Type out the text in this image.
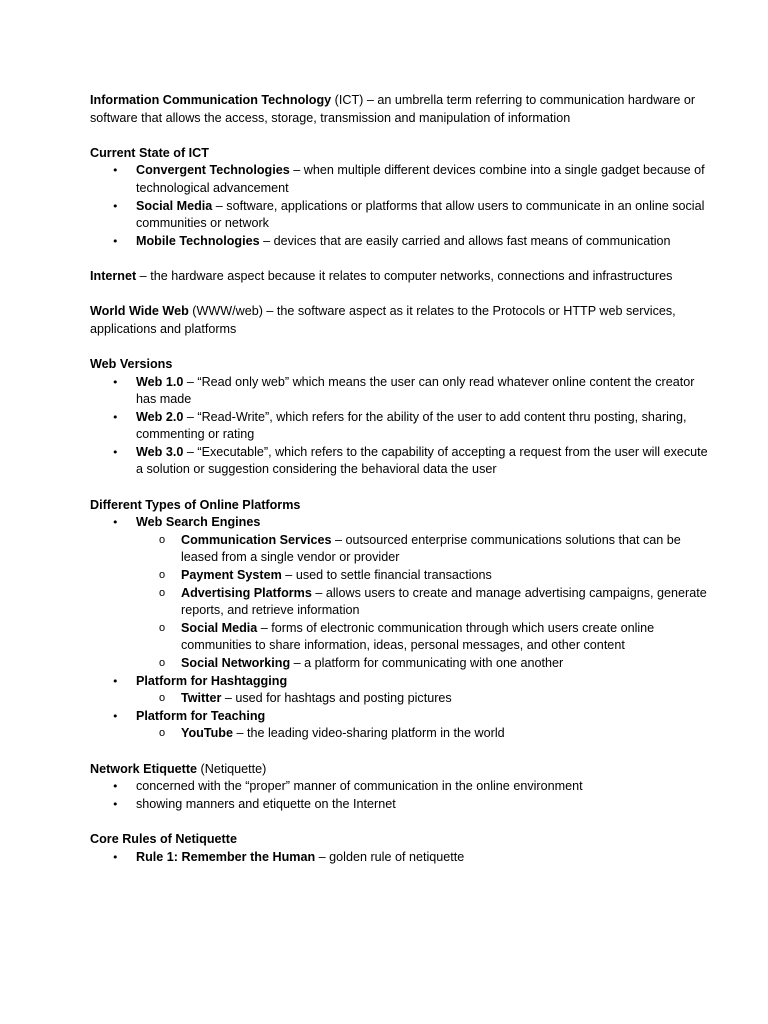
Information Communication Technology (ICT) – an umbrella term referring to communication hardware or software that allows the access, storage, transmission and manipulation of information

Current State of ICT

• Convergent Technologies – when multiple different devices combine into a single gadget because of technological advancement
• Social Media – software, applications or platforms that allow users to communicate in an online social communities or network
• Mobile Technologies – devices that are easily carried and allows fast means of communication

Internet – the hardware aspect because it relates to computer networks, connections and infrastructures

World Wide Web (WWW/web) – the software aspect as it relates to the Protocols or HTTP web services, applications and platforms

Web Versions

• Web 1.0 – “Read only web” which means the user can only read whatever online content the creator has made
• Web 2.0 – “Read-Write”, which refers for the ability of the user to add content thru posting, sharing, commenting or rating
• Web 3.0 – “Executable”, which refers to the capability of accepting a request from the user will execute a solution or suggestion considering the behavioral data the user

Different Types of Online Platforms

• Web Search Engines
o Communication Services – outsourced enterprise communications solutions that can be leased from a single vendor or provider
o Payment System – used to settle financial transactions
o Advertising Platforms – allows users to create and manage advertising campaigns, generate reports, and retrieve information
o Social Media – forms of electronic communication through which users create online communities to share information, ideas, personal messages, and other content
o Social Networking – a platform for communicating with one another
• Platform for Hashtagging
o Twitter – used for hashtags and posting pictures
• Platform for Teaching
o YouTube – the leading video-sharing platform in the world

Network Etiquette (Netiquette)

• concerned with the “proper” manner of communication in the online environment
• showing manners and etiquette on the Internet

Core Rules of Netiquette

• Rule 1: Remember the Human – golden rule of netiquette
